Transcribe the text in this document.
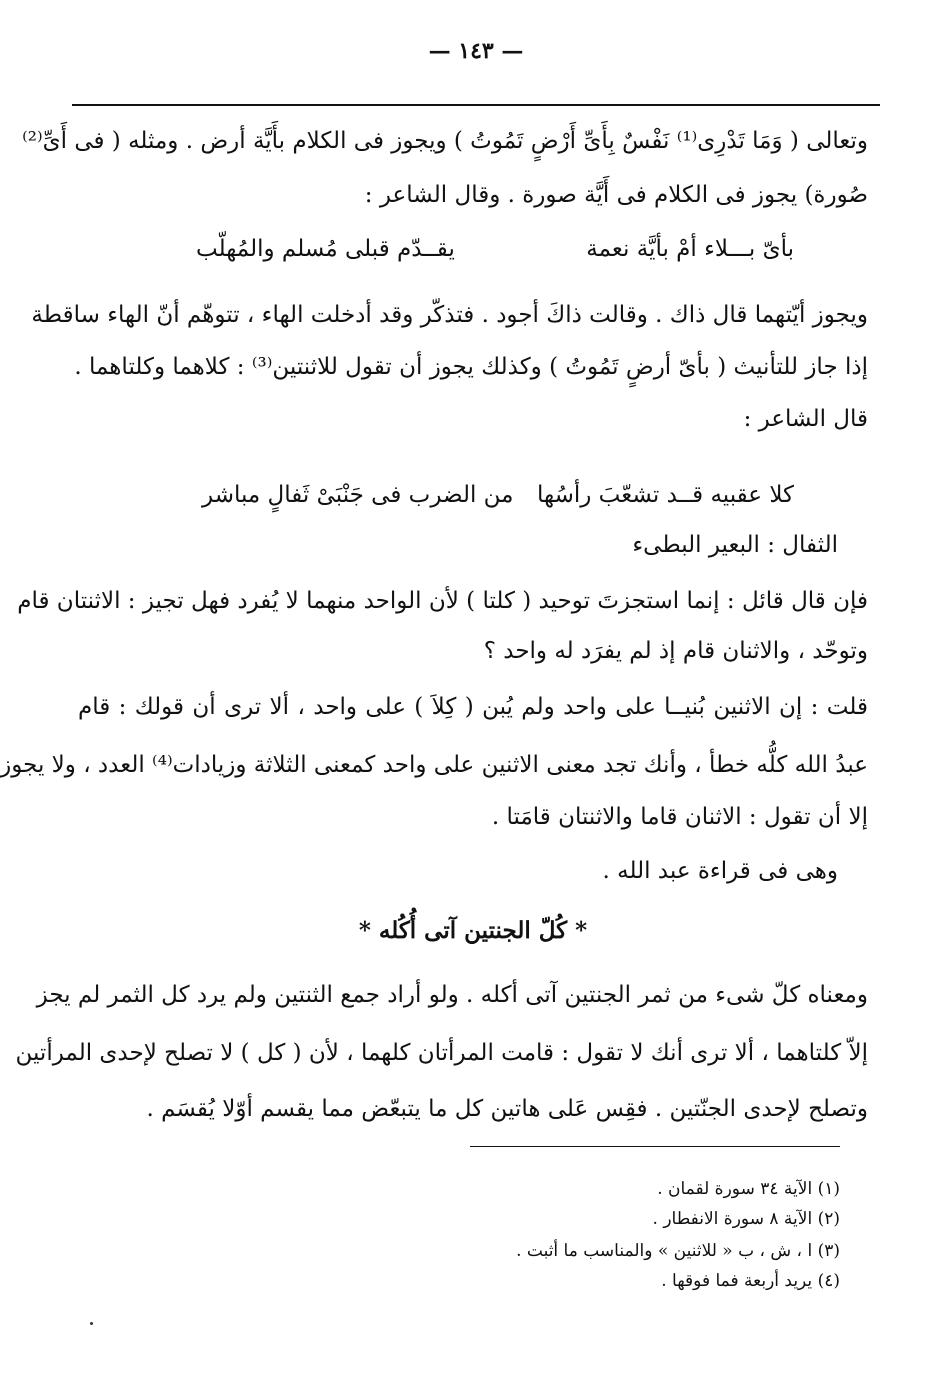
— ١٤٣ —
وتعالى ( وَمَا تَدْرِى⁽¹⁾ نَفْسٌ بِأَىِّ أَرْضٍ تَمُوتُ ) ويجوز فى الكلام بأَيَّة أرض . ومثله ( فى أَىِّ⁽²⁾
صُورة) يجوز فى الكلام فى أَيَّة صورة . وقال الشاعر :
بأىّ بـــلاء أمْ بأيَّة نعمة
يقــدّم قبلى مُسلم والمُهلّب
ويجوز أيّتهما قال ذاك . وقالت ذاكَ أجود . فتذكّر وقد أدخلت الهاء ، تتوهّم أنّ الهاء ساقطة
إذا جاز للتأنيث ( بأىّ أرضٍ تَمُوتُ ) وكذلك يجوز أن تقول للاثنتين⁽³⁾ : كلاهما وكلتاهما .
قال الشاعر :
كلا عقبيه قــد تشعّبَ رأسُها
من الضرب فى جَنْبَىْ ثَفالٍ مباشر
الثفال : البعير البطىء
فإن قال قائل : إنما استجزتَ توحيد ( كلتا ) لأن الواحد منهما لا يُفرد فهل تجيز : الاثنتان قام
وتوحّد ، والاثنان قام إذ لم يفرَد له واحد ؟
قلت : إن الاثنين بُنيــا على واحد ولم يُبن ( كِلاَ ) على واحد ، ألا ترى أن قولك : قام
عبدُ الله كلُّه خطأ ، وأنك تجد معنى الاثنين على واحد كمعنى الثلاثة وزيادات⁽⁴⁾ العدد ، ولا يجوز
إلا أن تقول : الاثنان قاما والاثنتان قامَتا .
وهى فى قراءة عبد الله .
* كُلّ الجنتين آتى أُكُله *
ومعناه كلّ شىء من ثمر الجنتين آتى أكله . ولو أراد جمع الثنتين ولم يرد كل الثمر لم يجز
إلاّ كلتاهما ، ألا ترى أنك لا تقول : قامت المرأتان كلهما ، لأن ( كل ) لا تصلح لإحدى المرأتين
وتصلح لإحدى الجنّتين . فقِس عَلى هاتين كل ما يتبعّض مما يقسم أوّلا يُقسَم .
(١) الآية ٣٤ سورة لقمان .
(٢) الآية ٨ سورة الانفطار .
(٣) ا ، ش ، ب « للاثنين » والمناسب ما أثبت .
(٤) يريد أربعة فما فوقها .
